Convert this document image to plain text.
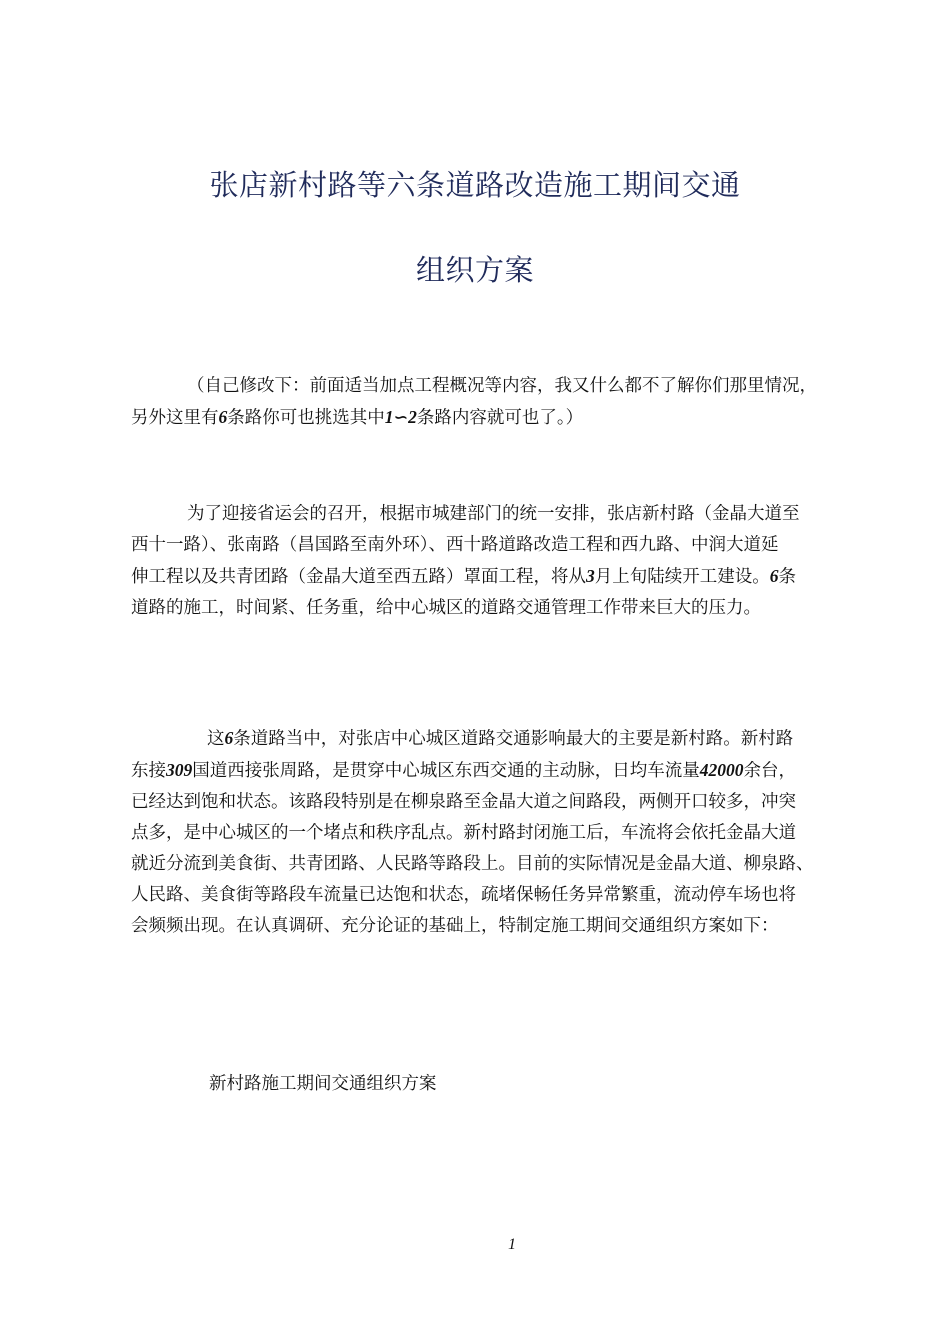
张店新村路等六条道路改造施工期间交通
组织方案
（自己修改下：前面适当加点工程概况等内容，我又什么都不了解你们那里情况，
另外这里有6条路你可也挑选其中1∽2条路内容就可也了。）
为了迎接省运会的召开，根据市城建部门的统一安排，张店新村路（金晶大道至
西十一路）、张南路（昌国路至南外环）、西十路道路改造工程和西九路、中润大道延
伸工程以及共青团路（金晶大道至西五路）罩面工程，将从3月上旬陆续开工建设。6条
道路的施工，时间紧、任务重，给中心城区的道路交通管理工作带来巨大的压力。
这6条道路当中，对张店中心城区道路交通影响最大的主要是新村路。新村路
东接309国道西接张周路，是贯穿中心城区东西交通的主动脉，日均车流量42000余台，
已经达到饱和状态。该路段特别是在柳泉路至金晶大道之间路段，两侧开口较多，冲突
点多，是中心城区的一个堵点和秩序乱点。新村路封闭施工后，车流将会依托金晶大道
就近分流到美食街、共青团路、人民路等路段上。目前的实际情况是金晶大道、柳泉路、
人民路、美食街等路段车流量已达饱和状态，疏堵保畅任务异常繁重，流动停车场也将
会频频出现。在认真调研、充分论证的基础上，特制定施工期间交通组织方案如下：
新村路施工期间交通组织方案
1
